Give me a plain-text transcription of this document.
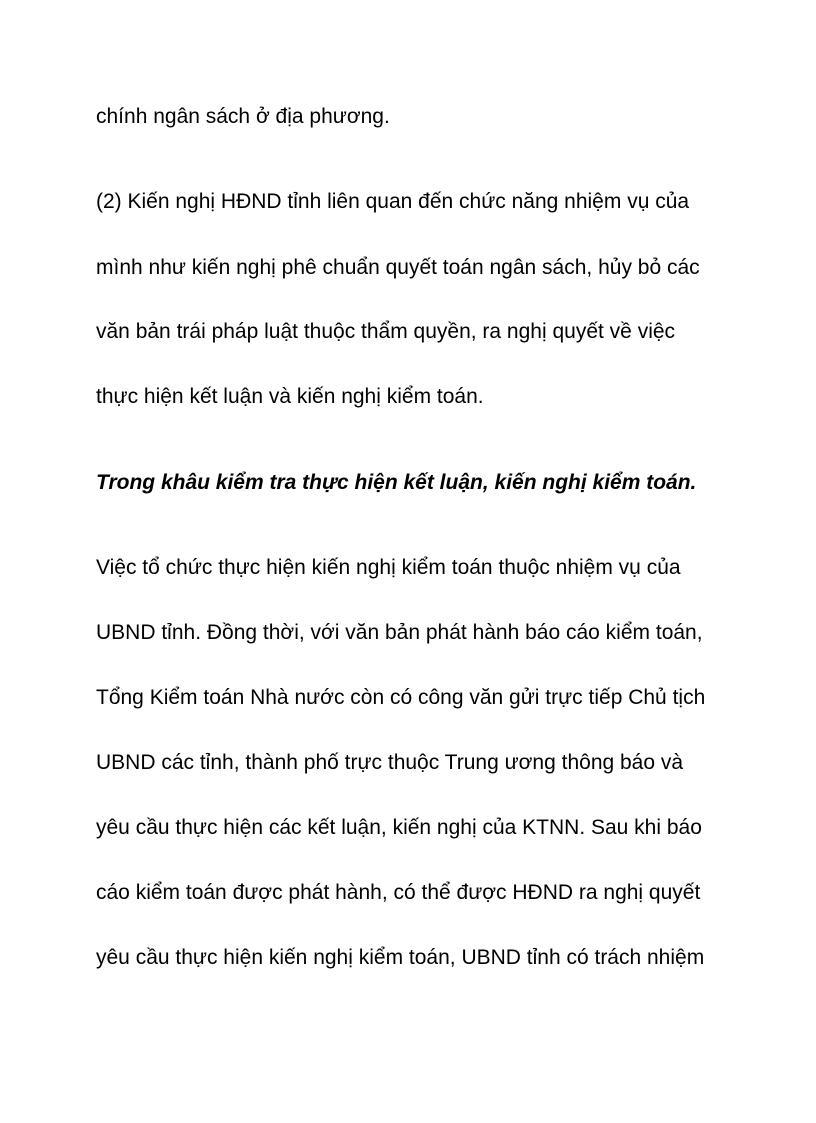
chính ngân sách ở địa phương.
(2) Kiến nghị HĐND tỉnh liên quan đến chức năng nhiệm vụ của
mình như kiến nghị phê chuẩn quyết toán ngân sách, hủy bỏ các
văn bản trái pháp luật thuộc thẩm quyền, ra nghị quyết về việc
thực hiện kết luận và kiến nghị kiểm toán.
Trong khâu kiểm tra thực hiện kết luận, kiến nghị kiểm toán.
Việc tổ chức thực hiện kiến nghị kiểm toán thuộc nhiệm vụ của
UBND tỉnh. Đồng thời, với văn bản phát hành báo cáo kiểm toán,
Tổng Kiểm toán Nhà nước còn có công văn gửi trực tiếp Chủ tịch
UBND các tỉnh, thành phố trực thuộc Trung ương thông báo và
yêu cầu thực hiện các kết luận, kiến nghị của KTNN. Sau khi báo
cáo kiểm toán được phát hành, có thể được HĐND ra nghị quyết
yêu cầu thực hiện kiến nghị kiểm toán, UBND tỉnh có trách nhiệm
